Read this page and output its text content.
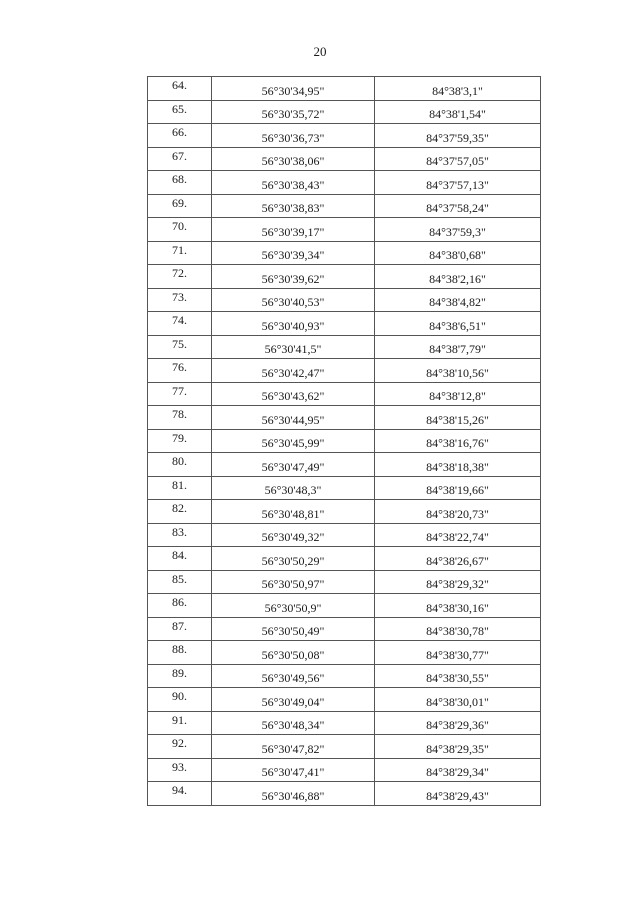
20
64.	56°30'34,95"	84°38'3,1"
65.	56°30'35,72"	84°38'1,54"
66.	56°30'36,73"	84°37'59,35"
67.	56°30'38,06"	84°37'57,05"
68.	56°30'38,43"	84°37'57,13"
69.	56°30'38,83"	84°37'58,24"
70.	56°30'39,17"	84°37'59,3"
71.	56°30'39,34"	84°38'0,68"
72.	56°30'39,62"	84°38'2,16"
73.	56°30'40,53"	84°38'4,82"
74.	56°30'40,93"	84°38'6,51"
75.	56°30'41,5"	84°38'7,79"
76.	56°30'42,47"	84°38'10,56"
77.	56°30'43,62"	84°38'12,8"
78.	56°30'44,95"	84°38'15,26"
79.	56°30'45,99"	84°38'16,76"
80.	56°30'47,49"	84°38'18,38"
81.	56°30'48,3"	84°38'19,66"
82.	56°30'48,81"	84°38'20,73"
83.	56°30'49,32"	84°38'22,74"
84.	56°30'50,29"	84°38'26,67"
85.	56°30'50,97"	84°38'29,32"
86.	56°30'50,9"	84°38'30,16"
87.	56°30'50,49"	84°38'30,78"
88.	56°30'50,08"	84°38'30,77"
89.	56°30'49,56"	84°38'30,55"
90.	56°30'49,04"	84°38'30,01"
91.	56°30'48,34"	84°38'29,36"
92.	56°30'47,82"	84°38'29,35"
93.	56°30'47,41"	84°38'29,34"
94.	56°30'46,88"	84°38'29,43"
